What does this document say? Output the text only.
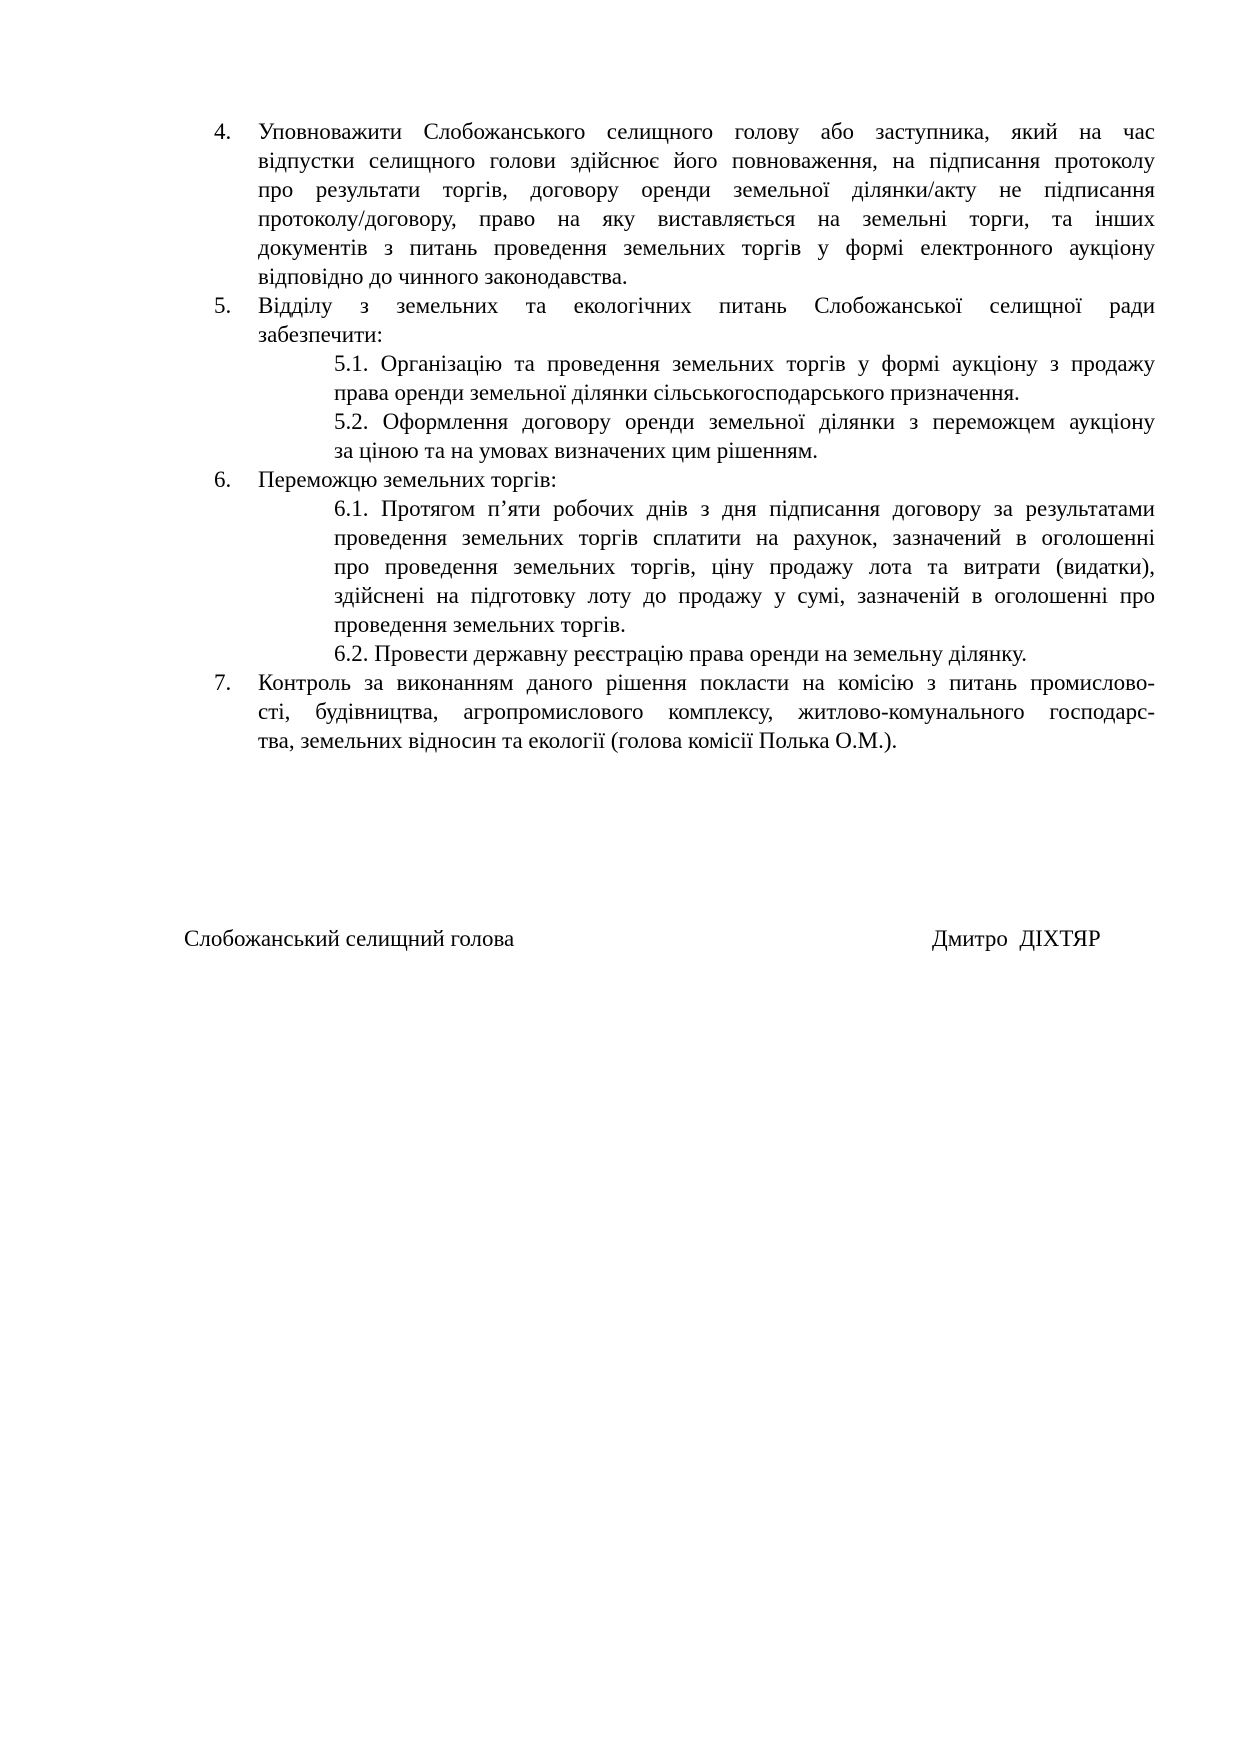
4. Уповноважити Слобожанського селищного голову або заступника, який на час
відпустки селищного голови здійснює його повноваження, на підписання протоколу
про результати торгів, договору оренди земельної ділянки/акту не підписання
протоколу/договору, право на яку виставляється на земельні торги, та інших
документів з питань проведення земельних торгів у формі електронного аукціону
відповідно до чинного законодавства.
5. Відділу з земельних та екологічних питань Слобожанської селищної ради
забезпечити:
5.1. Організацію та проведення земельних торгів у формі аукціону з продажу
права оренди земельної ділянки сільськогосподарського призначення.
5.2. Оформлення договору оренди земельної ділянки з переможцем аукціону
за ціною та на умовах визначених цим рішенням.
6. Переможцю земельних торгів:
6.1. Протягом п’яти робочих днів з дня підписання договору за результатами
проведення земельних торгів сплатити на рахунок, зазначений в оголошенні
про проведення земельних торгів, ціну продажу лота та витрати (видатки),
здійснені на підготовку лоту до продажу у сумі, зазначеній в оголошенні про
проведення земельних торгів.
6.2. Провести державну реєстрацію права оренди на земельну ділянку.
7. Контроль за виконанням даного рішення покласти на комісію з питань промислово-
сті, будівництва, агропромислового комплексу, житлово-комунального господарс-
тва, земельних відносин та екології (голова комісії Полька О.М.).
Слобожанський селищний голова	Дмитро  ДІХТЯР
